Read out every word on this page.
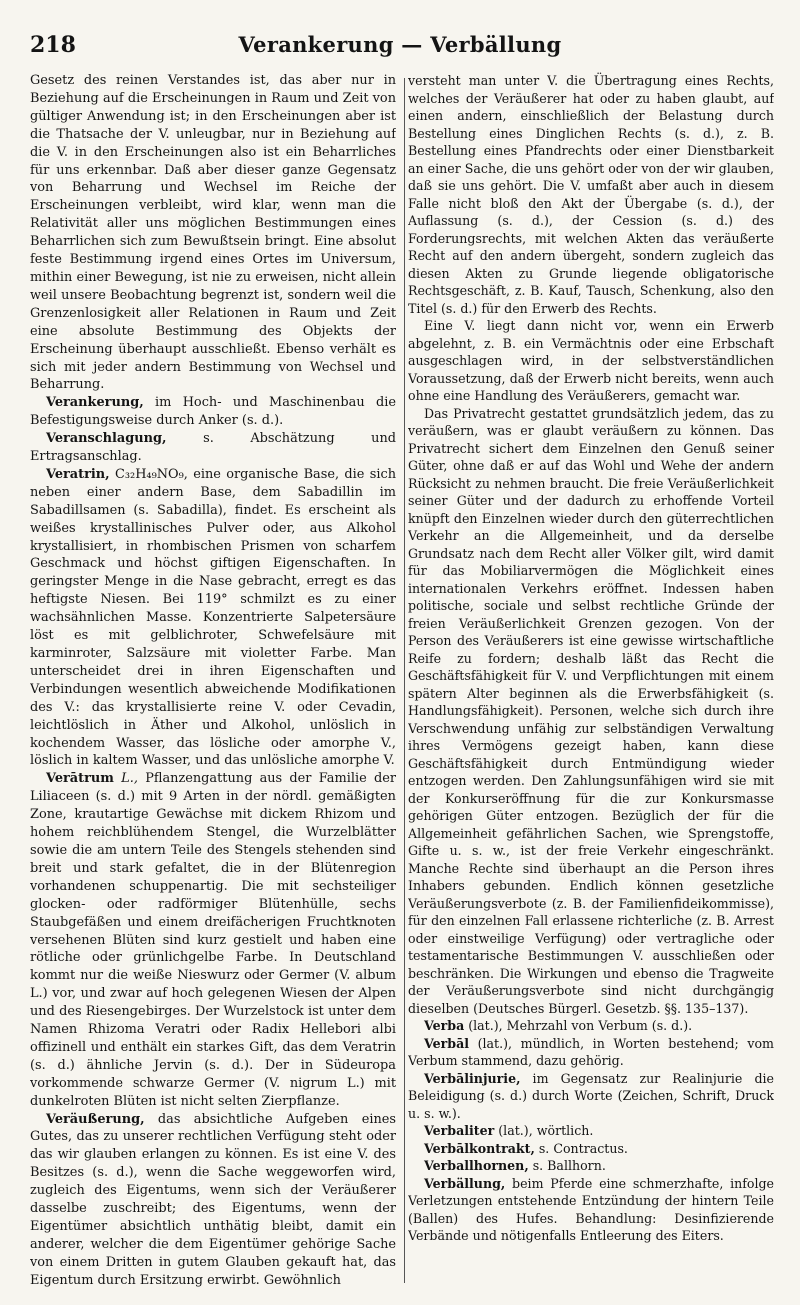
218	Verankerung — Verbällung

Gesetz des reinen Verstandes ist, das aber nur in Beziehung auf die Erscheinungen in Raum und Zeit von gültiger Anwendung ist; in den Erscheinungen aber ist die Thatsache der V. unleugbar, nur in Beziehung auf die V. in den Erscheinungen also ist ein Beharrliches für uns erkennbar. Daß aber dieser ganze Gegensatz von Beharrung und Wechsel im Reiche der Erscheinungen verbleibt, wird klar, wenn man die Relativität aller uns möglichen Bestimmungen eines Beharrlichen sich zum Bewußtsein bringt. Eine absolut feste Bestimmung irgend eines Ortes im Universum, mithin einer Bewegung, ist nie zu erweisen, nicht allein weil unsere Beobachtung begrenzt ist, sondern weil die Grenzenlosigkeit aller Relationen in Raum und Zeit eine absolute Bestimmung des Objekts der Erscheinung überhaupt ausschließt. Ebenso verhält es sich mit jeder andern Bestimmung von Wechsel und Beharrung.

Verankerung, im Hoch- und Maschinenbau die Befestigungsweise durch Anker (s. d.).

Veranschlagung, s. Abschätzung und Ertragsanschlag.

Veratrin, C₃₂H₄₉NO₉, eine organische Base, die sich neben einer andern Base, dem Sabadillin im Sabadillsamen (s. Sabadilla), findet. Es erscheint als weißes krystallinisches Pulver oder, aus Alkohol krystallisiert, in rhombischen Prismen von scharfem Geschmack und höchst giftigen Eigenschaften. In geringster Menge in die Nase gebracht, erregt es das heftigste Niesen. Bei 119° schmilzt es zu einer wachsähnlichen Masse. Konzentrierte Salpetersäure löst es mit gelblichroter, Schwefelsäure mit karminroter, Salzsäure mit violetter Farbe. Man unterscheidet drei in ihren Eigenschaften und Verbindungen wesentlich abweichende Modifikationen des V.: das krystallisierte reine V. oder Cevadin, leichtlöslich in Äther und Alkohol, unlöslich in kochendem Wasser, das lösliche oder amorphe V., löslich in kaltem Wasser, und das unlösliche amorphe V.

Verātrum L., Pflanzengattung aus der Familie der Liliaceen (s. d.) mit 9 Arten in der nördl. gemäßigten Zone, krautartige Gewächse mit dickem Rhizom und hohem reichblühendem Stengel, die Wurzelblätter sowie die am untern Teile des Stengels stehenden sind breit und stark gefaltet, die in der Blütenregion vorhandenen schuppenartig. Die mit sechsteiliger glocken- oder radförmiger Blütenhülle, sechs Staubgefäßen und einem dreifächerigen Fruchtknoten versehenen Blüten sind kurz gestielt und haben eine rötliche oder grünlichgelbe Farbe. In Deutschland kommt nur die weiße Nieswurz oder Germer (V. album L.) vor, und zwar auf hoch gelegenen Wiesen der Alpen und des Riesengebirges. Der Wurzelstock ist unter dem Namen Rhizoma Veratri oder Radix Hellebori albi offizinell und enthält ein starkes Gift, das dem Veratrin (s. d.) ähnliche Jervin (s. d.). Der in Südeuropa vorkommende schwarze Germer (V. nigrum L.) mit dunkelroten Blüten ist nicht selten Zierpflanze.

Veräußerung, das absichtliche Aufgeben eines Gutes, das zu unserer rechtlichen Verfügung steht oder das wir glauben erlangen zu können. Es ist eine V. des Besitzes (s. d.), wenn die Sache weggeworfen wird, zugleich des Eigentums, wenn sich der Veräußerer dasselbe zuschreibt; des Eigentums, wenn der Eigentümer absichtlich unthätig bleibt, damit ein anderer, welcher die dem Eigentümer gehörige Sache von einem Dritten in gutem Glauben gekauft hat, das Eigentum durch Ersitzung erwirbt. Gewöhnlich

versteht man unter V. die Übertragung eines Rechts, welches der Veräußerer hat oder zu haben glaubt, auf einen andern, einschließlich der Belastung durch Bestellung eines Dinglichen Rechts (s. d.), z. B. Bestellung eines Pfandrechts oder einer Dienstbarkeit an einer Sache, die uns gehört oder von der wir glauben, daß sie uns gehört. Die V. umfaßt aber auch in diesem Falle nicht bloß den Akt der Übergabe (s. d.), der Auflassung (s. d.), der Cession (s. d.) des Forderungsrechts, mit welchen Akten das veräußerte Recht auf den andern übergeht, sondern zugleich das diesen Akten zu Grunde liegende obligatorische Rechtsgeschäft, z. B. Kauf, Tausch, Schenkung, also den Titel (s. d.) für den Erwerb des Rechts.

Eine V. liegt dann nicht vor, wenn ein Erwerb abgelehnt, z. B. ein Vermächtnis oder eine Erbschaft ausgeschlagen wird, in der selbstverständlichen Voraussetzung, daß der Erwerb nicht bereits, wenn auch ohne eine Handlung des Veräußerers, gemacht war.

Das Privatrecht gestattet grundsätzlich jedem, das zu veräußern, was er glaubt veräußern zu können. Das Privatrecht sichert dem Einzelnen den Genuß seiner Güter, ohne daß er auf das Wohl und Wehe der andern Rücksicht zu nehmen braucht. Die freie Veräußerlichkeit seiner Güter und der dadurch zu erhoffende Vorteil knüpft den Einzelnen wieder durch den güterrechtlichen Verkehr an die Allgemeinheit, und da derselbe Grundsatz nach dem Recht aller Völker gilt, wird damit für das Mobiliarvermögen die Möglichkeit eines internationalen Verkehrs eröffnet. Indessen haben politische, sociale und selbst rechtliche Gründe der freien Veräußerlichkeit Grenzen gezogen. Von der Person des Veräußerers ist eine gewisse wirtschaftliche Reife zu fordern; deshalb läßt das Recht die Geschäftsfähigkeit für V. und Verpflichtungen mit einem spätern Alter beginnen als die Erwerbsfähigkeit (s. Handlungsfähigkeit). Personen, welche sich durch ihre Verschwendung unfähig zur selbständigen Verwaltung ihres Vermögens gezeigt haben, kann diese Geschäftsfähigkeit durch Entmündigung wieder entzogen werden. Den Zahlungsunfähigen wird sie mit der Konkurseröffnung für die zur Konkursmasse gehörigen Güter entzogen. Bezüglich der für die Allgemeinheit gefährlichen Sachen, wie Sprengstoffe, Gifte u. s. w., ist der freie Verkehr eingeschränkt. Manche Rechte sind überhaupt an die Person ihres Inhabers gebunden. Endlich können gesetzliche Veräußerungsverbote (z. B. der Familienfideikommisse), für den einzelnen Fall erlassene richterliche (z. B. Arrest oder einstweilige Verfügung) oder vertragliche oder testamentarische Bestimmungen V. ausschließen oder beschränken. Die Wirkungen und ebenso die Tragweite der Veräußerungsverbote sind nicht durchgängig dieselben (Deutsches Bürgerl. Gesetzb. §§. 135–137).

Verba (lat.), Mehrzahl von Verbum (s. d.).

Verbāl (lat.), mündlich, in Worten bestehend; vom Verbum stammend, dazu gehörig.

Verbālinjurie, im Gegensatz zur Realinjurie die Beleidigung (s. d.) durch Worte (Zeichen, Schrift, Druck u. s. w.).

Verbaliter (lat.), wörtlich.

Verbālkontrakt, s. Contractus.

Verballhornen, s. Ballhorn.

Verbällung, beim Pferde eine schmerzhafte, infolge Verletzungen entstehende Entzündung der hintern Teile (Ballen) des Hufes. Behandlung: Desinfizierende Verbände und nötigenfalls Entleerung des Eiters.
